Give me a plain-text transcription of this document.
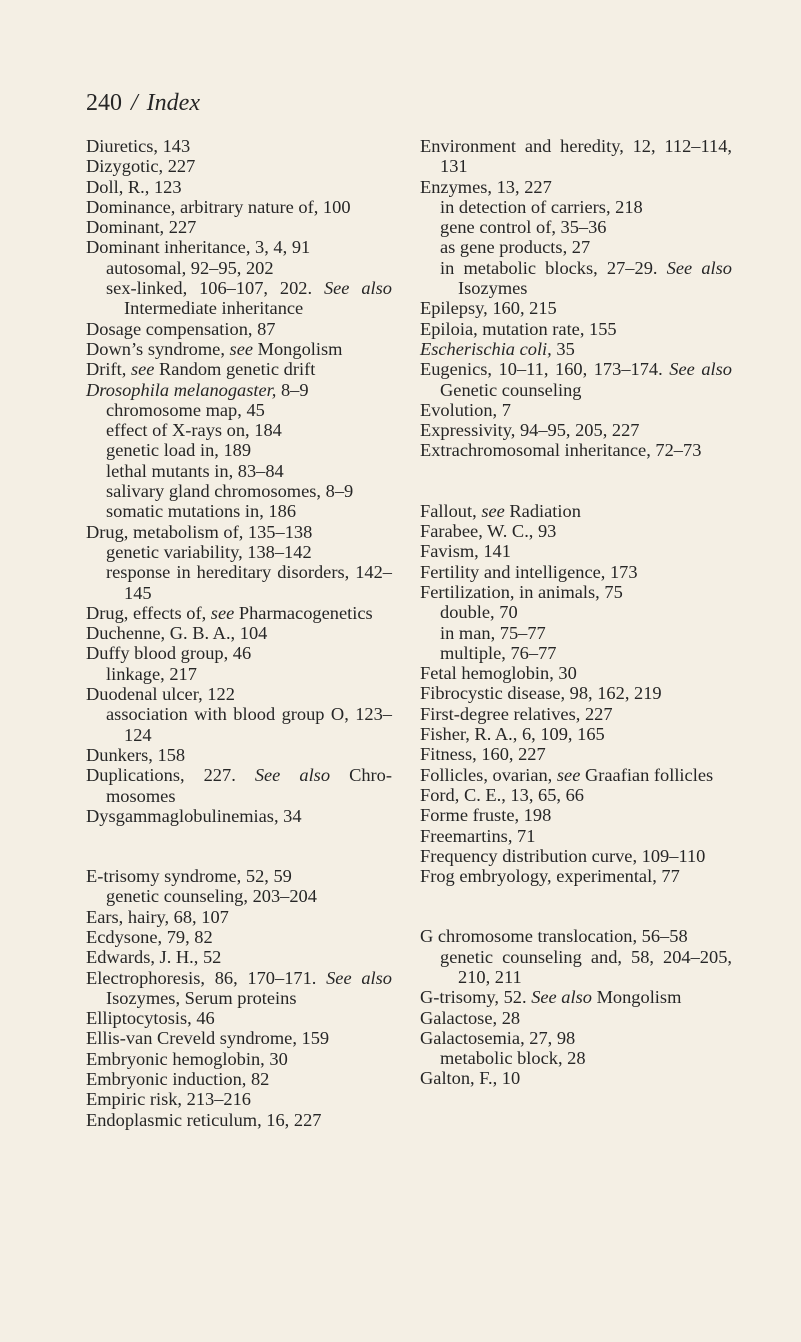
240 / Index
Diuretics, 143
Dizygotic, 227
Doll, R., 123
Dominance, arbitrary nature of, 100
Dominant, 227
Dominant inheritance, 3, 4, 91
autosomal, 92–95, 202
sex-linked, 106–107, 202. See also Intermediate inheritance
Dosage compensation, 87
Down’s syndrome, see Mongolism
Drift, see Random genetic drift
Drosophila melanogaster, 8–9
chromosome map, 45
effect of X-rays on, 184
genetic load in, 189
lethal mutants in, 83–84
salivary gland chromosomes, 8–9
somatic mutations in, 186
Drug, metabolism of, 135–138
genetic variability, 138–142
response in hereditary disorders, 142–145
Drug, effects of, see Pharmacogenetics
Duchenne, G. B. A., 104
Duffy blood group, 46
linkage, 217
Duodenal ulcer, 122
association with blood group O, 123–124
Dunkers, 158
Duplications, 227. See also Chromosomes
Dysgammaglobulinemias, 34
E-trisomy syndrome, 52, 59
genetic counseling, 203–204
Ears, hairy, 68, 107
Ecdysone, 79, 82
Edwards, J. H., 52
Electrophoresis, 86, 170–171. See also Isozymes, Serum proteins
Elliptocytosis, 46
Ellis-van Creveld syndrome, 159
Embryonic hemoglobin, 30
Embryonic induction, 82
Empiric risk, 213–216
Endoplasmic reticulum, 16, 227
Environment and heredity, 12, 112–114, 131
Enzymes, 13, 227
in detection of carriers, 218
gene control of, 35–36
as gene products, 27
in metabolic blocks, 27–29. See also Isozymes
Epilepsy, 160, 215
Epiloia, mutation rate, 155
Escherischia coli, 35
Eugenics, 10–11, 160, 173–174. See also Genetic counseling
Evolution, 7
Expressivity, 94–95, 205, 227
Extrachromosomal inheritance, 72–73
Fallout, see Radiation
Farabee, W. C., 93
Favism, 141
Fertility and intelligence, 173
Fertilization, in animals, 75
double, 70
in man, 75–77
multiple, 76–77
Fetal hemoglobin, 30
Fibrocystic disease, 98, 162, 219
First-degree relatives, 227
Fisher, R. A., 6, 109, 165
Fitness, 160, 227
Follicles, ovarian, see Graafian follicles
Ford, C. E., 13, 65, 66
Forme fruste, 198
Freemartins, 71
Frequency distribution curve, 109–110
Frog embryology, experimental, 77
G chromosome translocation, 56–58
genetic counseling and, 58, 204–205, 210, 211
G-trisomy, 52. See also Mongolism
Galactose, 28
Galactosemia, 27, 98
metabolic block, 28
Galton, F., 10
